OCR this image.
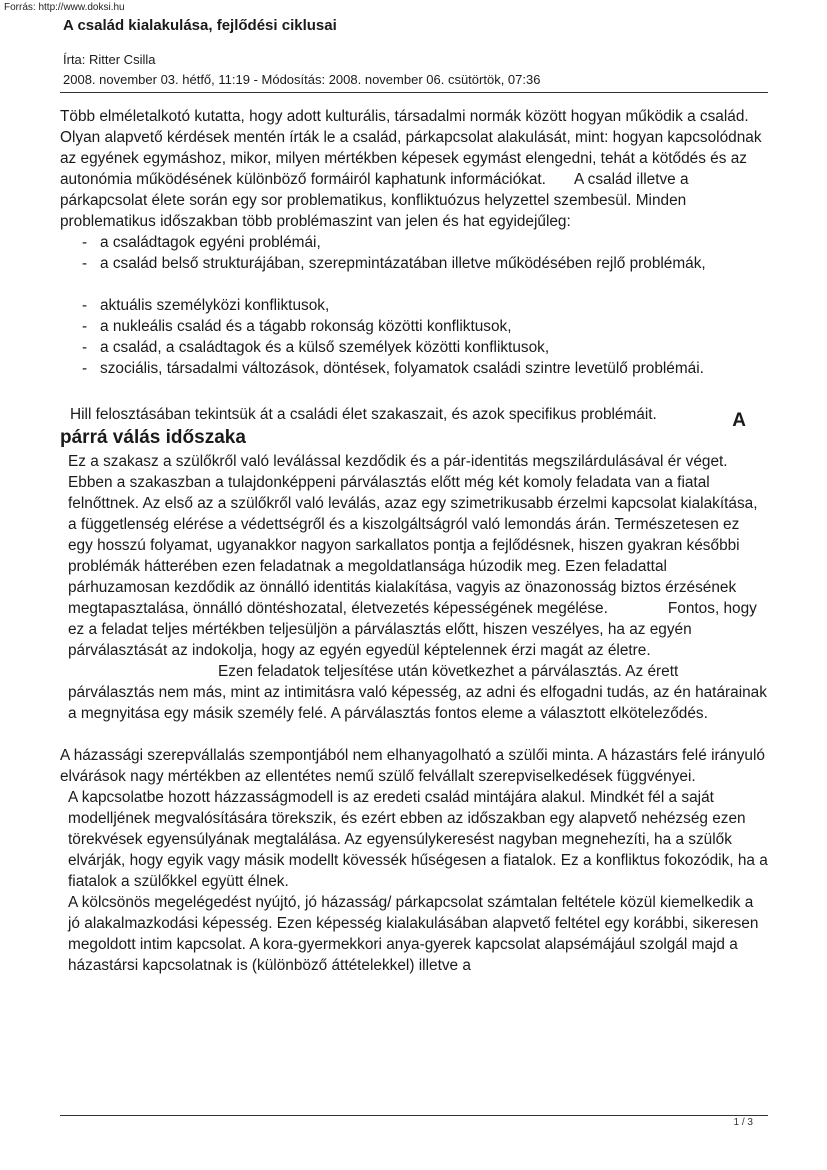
Forrás: http://www.doksi.hu
A család kialakulása, fejlődési ciklusai
Írta: Ritter Csilla
2008. november 03. hétfő, 11:19 - Módosítás: 2008. november 06. csütörtök, 07:36

Több elméletalkotó kutatta, hogy adott kulturális, társadalmi normák között hogyan működik a család. Olyan alapvető kérdések mentén írták le a család, párkapcsolat alakulását, mint: hogyan kapcsolódnak az egyének egymáshoz, mikor, milyen mértékben képesek egymást elengedni, tehát a kötődés és az autonómia működésének különböző formáiról kaphatunk információkat. A család illetve a párkapcsolat élete során egy sor problematikus, konfliktuózus helyzettel szembesül. Minden problematikus időszakban több problémaszint van jelen és hat egyidejűleg:

- a családtagok egyéni problémái,
- a család belső strukturájában, szerepmintázatában illetve működésében rejlő problémák,
- aktuális személyközi konfliktusok,
- a nukleális család és a tágabb rokonság közötti konfliktusok,
- a család, a családtagok és a külső személyek közötti konfliktusok,
- szociális, társadalmi változások, döntések, folyamatok családi szintre levetülő problémái.

A
Hill felosztásában tekintsük át a családi élet szakaszait, és azok specifikus problémáit.

párrá válás időszaka

Ez a szakasz a szülőkről való leválással kezdődik és a pár-identitás megszilárdulásával ér véget.

Ebben a szakaszban a tulajdonképpeni párválasztás előtt még két komoly feladata van a fiatal felnőttnek. Az első az a szülőkről való leválás, azaz egy szimetrikusabb érzelmi kapcsolat kialakítása, a függetlenség elérése a védettségről és a kiszolgáltságról való lemondás árán. Természetesen ez egy hosszú folyamat, ugyanakkor nagyon sarkallatos pontja a fejlődésnek, hiszen gyakran későbbi problémák hátterében ezen feladatnak a megoldatlansága húzodik meg. Ezen feladattal párhuzamosan kezdődik az önnálló identitás kialakítása, vagyis az önazonosság biztos érzésének megtapasztalása, önnálló döntéshozatal, életvezetés képességének megélése.	Fontos, hogy ez a feladat teljes mértékben teljesüljön a párválasztás előtt, hiszen veszélyes, ha az egyén párválasztását az indokolja, hogy az egyén egyedül képtelennek érzi magát az életre.Ezen feladatok teljesítése után következhet a párválasztás. Az érett párválasztás nem más, mint az intimitásra való képesség, az adni és elfogadni tudás, az én határainak a megnyitása egy másik személy felé. A párválasztás fontos eleme a választott elköteleződés.

A házassági szerepvállalás szempontjából nem elhanyagolható a szülői minta. A házastárs felé irányuló elvárások nagy mértékben az ellentétes nemű szülő felvállalt szerepviselkedések függvényei.

A kapcsolatbe hozott házzasságmodell is az eredeti család mintájára alakul. Mindkét fél a saját modelljének megvalósítására törekszik, és ezért ebben az időszakban egy alapvető nehézség ezen törekvések egyensúlyának megtalálása. Az egyensúlykeresést nagyban megnehezíti, ha a szülők elvárják, hogy egyik vagy másik modellt kövessék hűségesen a fiatalok. Ez a konfliktus fokozódik, ha a fiatalok a szülőkkel együtt élnek.

A kölcsönös megelégedést nyújtó, jó házasság/ párkapcsolat számtalan feltétele közül kiemelkedik a jó alakalmazkodási képesség. Ezen képesség kialakulásában alapvető feltétel egy korábbi, sikeresen megoldott intim kapcsolat. A kora-gyermekkori anya-gyerek kapcsolat alapsémájául szolgál majd a házastársi kapcsolatnak is (különböző áttételekkel) illetve a

1 / 3
